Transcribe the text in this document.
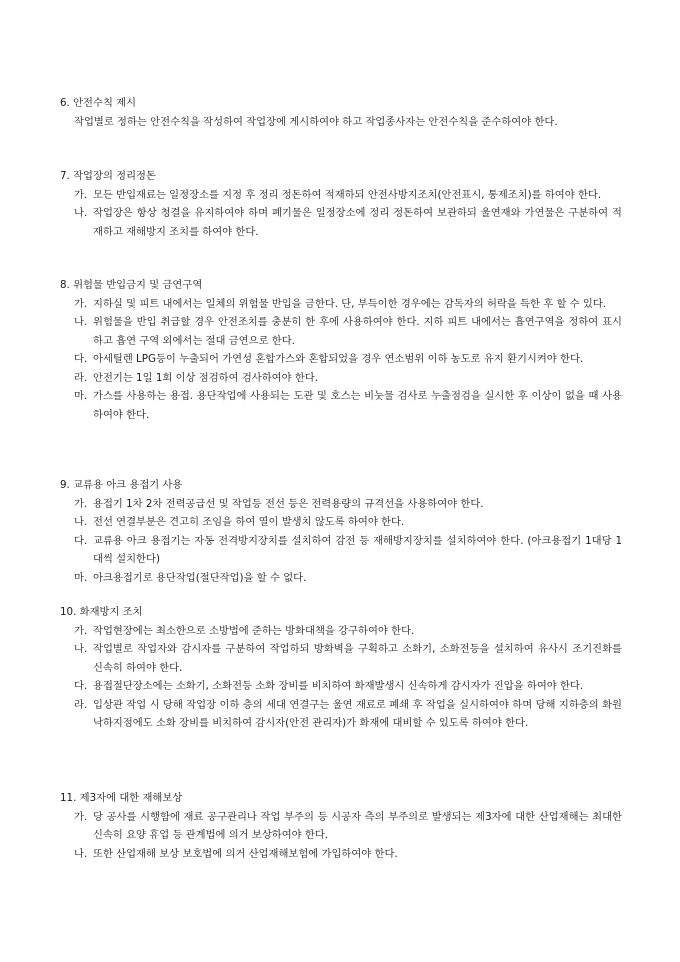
6. 안전수칙 제시
작업별로 정하는 안전수칙을 작성하여 작업장에 게시하여야 하고 작업종사자는 안전수칙을 준수하여야 한다.
7. 작업장의 정리정돈
가. 모든 반입재료는 일정장소를 지정 후 정리 정돈하여 적재하되 안전사방지조치(안전표시, 통제조치)를 하여야 한다.
나. 작업장은 항상 청결을 유지하여야 하며 폐기물은 일정장소에 정리 정돈하여 보관하되 울연재와 가연물은 구분하여 적재하고 재해방지 조치를 하여야 한다.
8. 위험물 반입금지 및 금연구역
가. 지하실 및 피트 내에서는 일체의 위험물 반입을 금한다. 단, 부득이한 경우에는 감독자의 허락을 득한 후 할 수 있다.
나. 위험물을 반입 취급할 경우 안전조치를 충분히 한 후에 사용하여야 한다. 지하 피트 내에서는 흡연구역을 정하여 표시하고 흡연 구역 외에서는 절대 금연으로 한다.
다. 아세틸렌 LPG등이 누출되어 가연성 혼합가스와 혼합되었을 경우 연소범위 이하 농도로 유지 환기시켜야 한다.
라. 안전기는 1일 1회 이상 점검하여 검사하여야 한다.
마. 가스를 사용하는 용접. 용단작업에 사용되는 도관 및 호스는 비눗물 검사로 누출점검을 실시한 후 이상이 없을 때 사용하여야 한다.
9. 교류용 아크 용접기 사용
가. 용접기 1차 2차 전력공급선 및 작업등 전선 등은 전력용량의 규격선을 사용하여야 한다.
나. 전선 연결부분은 견고히 조임을 하여 열이 발생치 않도록 하여야 한다.
다. 교류용 아크 용접기는 자동 전격방지장치를 설치하여 감전 등 재해방지장치를 설치하여야 한다. (아크용접기 1대당 1대씩 설치한다)
마. 아크용접기로 용단작업(절단작업)을 할 수 없다.
10. 화재방지 조치
가. 작업현장에는 최소한으로 소방법에 준하는 방화대책을 강구하여야 한다.
나. 작업별로 작업자와 감시자를 구분하여 작업하되 방화벽을 구획하고 소화기, 소화전등을 설치하여 유사시 조기진화를 신속히 하여야 한다.
다. 용접절단장소에는 소화기, 소화전등 소화 장비를 비치하여 화재발생시 신속하게 감시자가 진압을 하여야 한다.
라. 입상관 작업 시 당해 작업장 이하 층의 세대 연결구는 울연 재료로 폐쇄 후 작업을 실시하여야 하며 당해 지하층의 화원 낙하지점에도 소화 장비를 비치하여 감시자(안전 관리자)가 화재에 대비할 수 있도록 하여야 한다.
11. 제3자에 대한 재해보상
가. 당 공사를 시행함에 재료 공구관리나 작업 부주의 등 시공자 측의 부주의로 발생되는 제3자에 대한 산업재해는 최대한 신속히 요양 휴업 등 관계법에 의거 보상하여야 한다.
나. 또한 산업재해 보상 보호법에 의거 산업재해보험에 가입하여야 한다.
